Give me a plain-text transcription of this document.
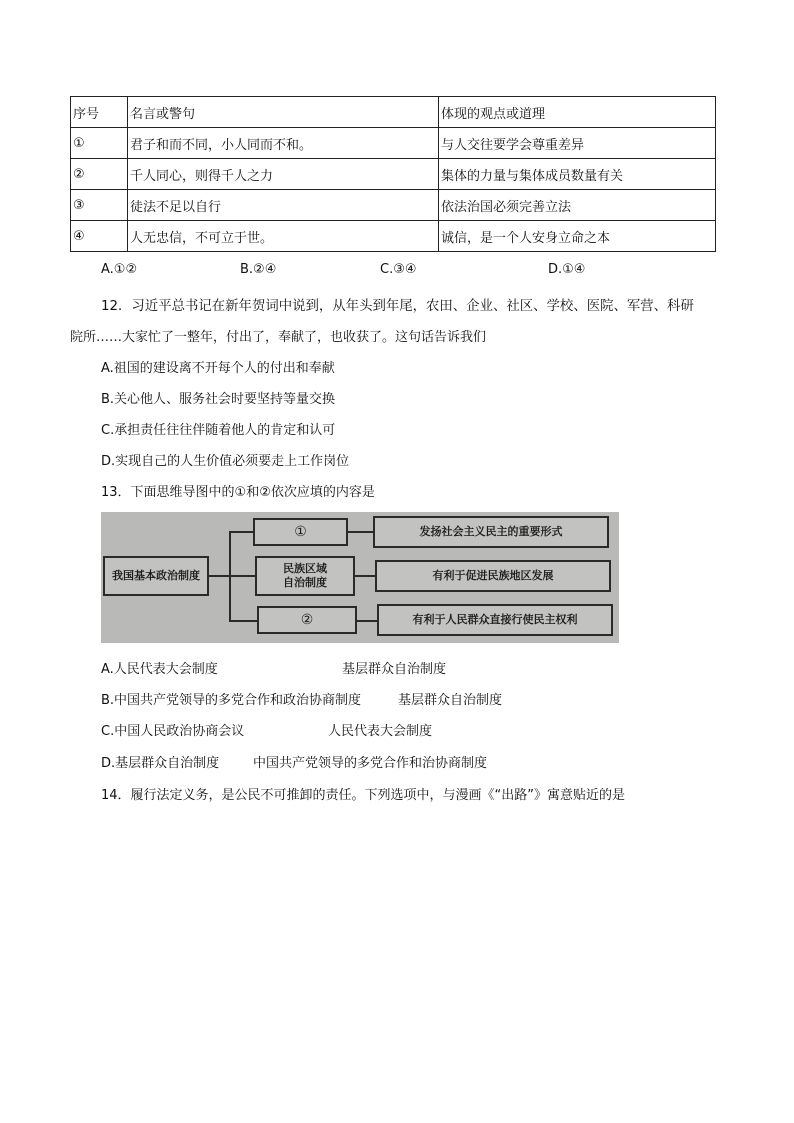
序号	名言或警句	体现的观点或道理
①	君子和而不同，小人同而不和。	与人交往要学会尊重差异
②	千人同心，则得千人之力	集体的力量与集体成员数量有关
③	徒法不足以自行	依法治国必须完善立法
④	人无忠信，不可立于世。	诚信，是一个人安身立命之本
A.①②	B.②④	C.③④	D.①④
12．习近平总书记在新年贺词中说到，从年头到年尾，农田、企业、社区、学校、医院、军营、科研
院所……大家忙了一整年，付出了，奉献了，也收获了。这句话告诉我们
A.祖国的建设离不开每个人的付出和奉献
B.关心他人、服务社会时要坚持等量交换
C.承担责任往往伴随着他人的肯定和认可
D.实现自己的人生价值必须要走上工作岗位
13．下面思维导图中的①和②依次应填的内容是
我国基本政治制度
①
民族区域
自治制度
②
发扬社会主义民主的重要形式
有利于促进民族地区发展
有利于人民群众直接行使民主权利
A.人民代表大会制度	基层群众自治制度
B.中国共产党领导的多党合作和政治协商制度	基层群众自治制度
C.中国人民政治协商会议	人民代表大会制度
D.基层群众自治制度	中国共产党领导的多党合作和治协商制度
14．履行法定义务，是公民不可推卸的责任。下列选项中，与漫画《“出路”》寓意贴近的是
